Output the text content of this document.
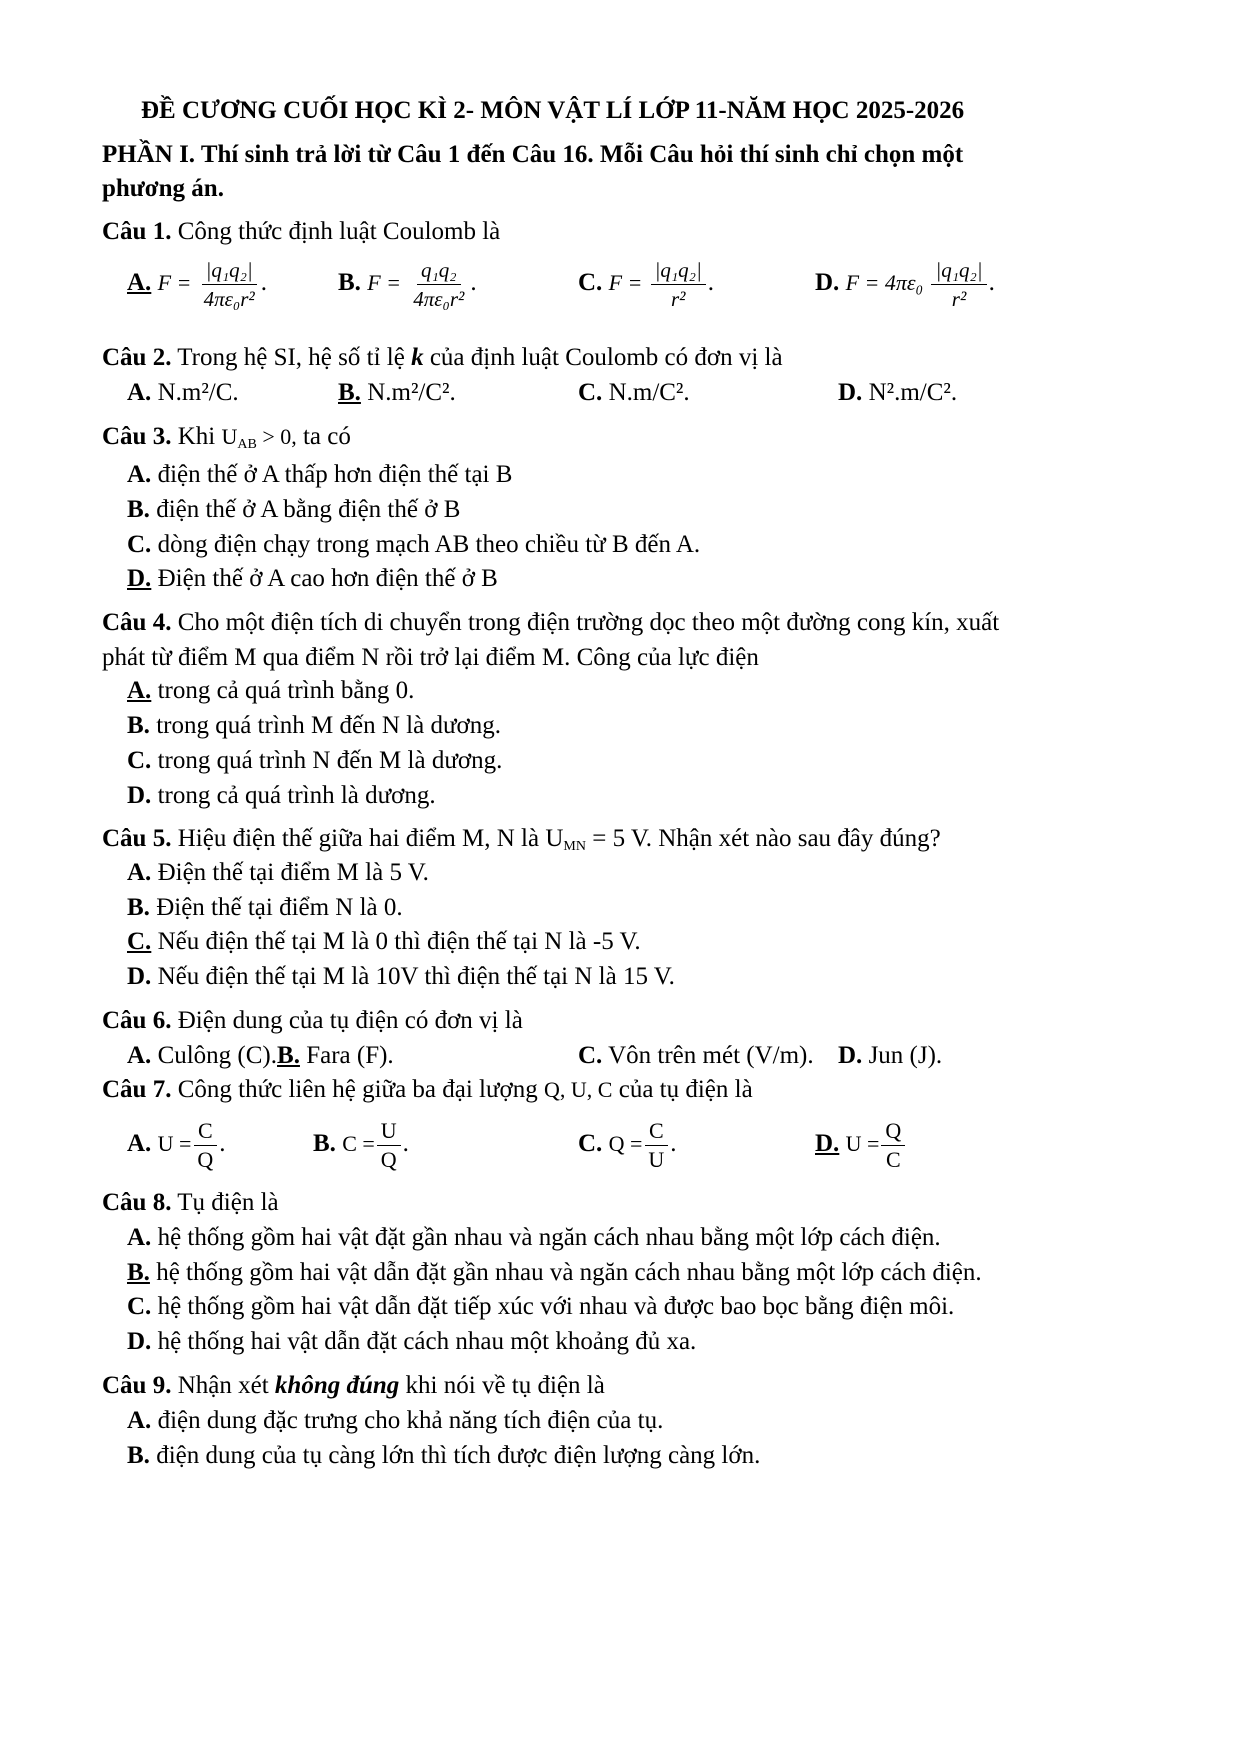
ĐỀ CƯƠNG CUỐI HỌC KÌ 2- MÔN VẬT LÍ LỚP 11-NĂM HỌC 2025-2026
PHẦN I. Thí sinh trả lời từ Câu 1 đến Câu 16. Mỗi Câu hỏi thí sinh chỉ chọn một
phương án.
Câu 1. Công thức định luật Coulomb là
A. $F = \frac{\text{|q₁q₂|}}{\text{4πε₀r²}}$ .	B. $F = \frac{\text{q₁q₂}}{\text{4πε₀r²}}$ .	C. $F = \frac{\text{|q₁q₂|}}{\text{r²}}$ .	D. $F = 4\pi\varepsilon_0 \frac{\text{|q₁q₂|}}{\text{r²}}$ .
Câu 2. Trong hệ SI, hệ số tỉ lệ k của định luật Coulomb có đơn vị là
A. N.m²/C.	B. N.m²/C².	C. N.m/C².	D. N².m/C².
Câu 3. Khi $U_{AB} > 0$, ta có
A. điện thế ở A thấp hơn điện thế tại B
B. điện thế ở A bằng điện thế ở B
C. dòng điện chạy trong mạch AB theo chiều từ B đến A.
D. Điện thế ở A cao hơn điện thế ở B
Câu 4. Cho một điện tích di chuyển trong điện trường dọc theo một đường cong kín, xuất
phát từ điểm M qua điểm N rồi trở lại điểm M. Công của lực điện
A. trong cả quá trình bằng 0.
B. trong quá trình M đến N là dương.
C. trong quá trình N đến M là dương.
D. trong cả quá trình là dương.
Câu 5. Hiệu điện thế giữa hai điểm M, N là $U_{MN} = 5$ V. Nhận xét nào sau đây đúng?
A. Điện thế tại điểm M là 5 V.
B. Điện thế tại điểm N là 0.
C. Nếu điện thế tại M là 0 thì điện thế tại N là -5 V.
D. Nếu điện thế tại M là 10V thì điện thế tại N là 15 V.
Câu 6. Điện dung của tụ điện có đơn vị là
A. Culông (C).B. Fara (F).	C. Vôn trên mét (V/m). D. Jun (J).
Câu 7. Công thức liên hệ giữa ba đại lượng Q, U, C của tụ điện là
A. $U = \frac{C}{Q}$ .	B. $C = \frac{U}{Q}$ .	C. $Q = \frac{C}{U}$ .	D. $U = \frac{Q}{C}$
Câu 8. Tụ điện là
A. hệ thống gồm hai vật đặt gần nhau và ngăn cách nhau bằng một lớp cách điện.
B. hệ thống gồm hai vật dẫn đặt gần nhau và ngăn cách nhau bằng một lớp cách điện.
C. hệ thống gồm hai vật dẫn đặt tiếp xúc với nhau và được bao bọc bằng điện môi.
D. hệ thống hai vật dẫn đặt cách nhau một khoảng đủ xa.
Câu 9. Nhận xét không đúng khi nói về tụ điện là
A. điện dung đặc trưng cho khả năng tích điện của tụ.
B. điện dung của tụ càng lớn thì tích được điện lượng càng lớn.
